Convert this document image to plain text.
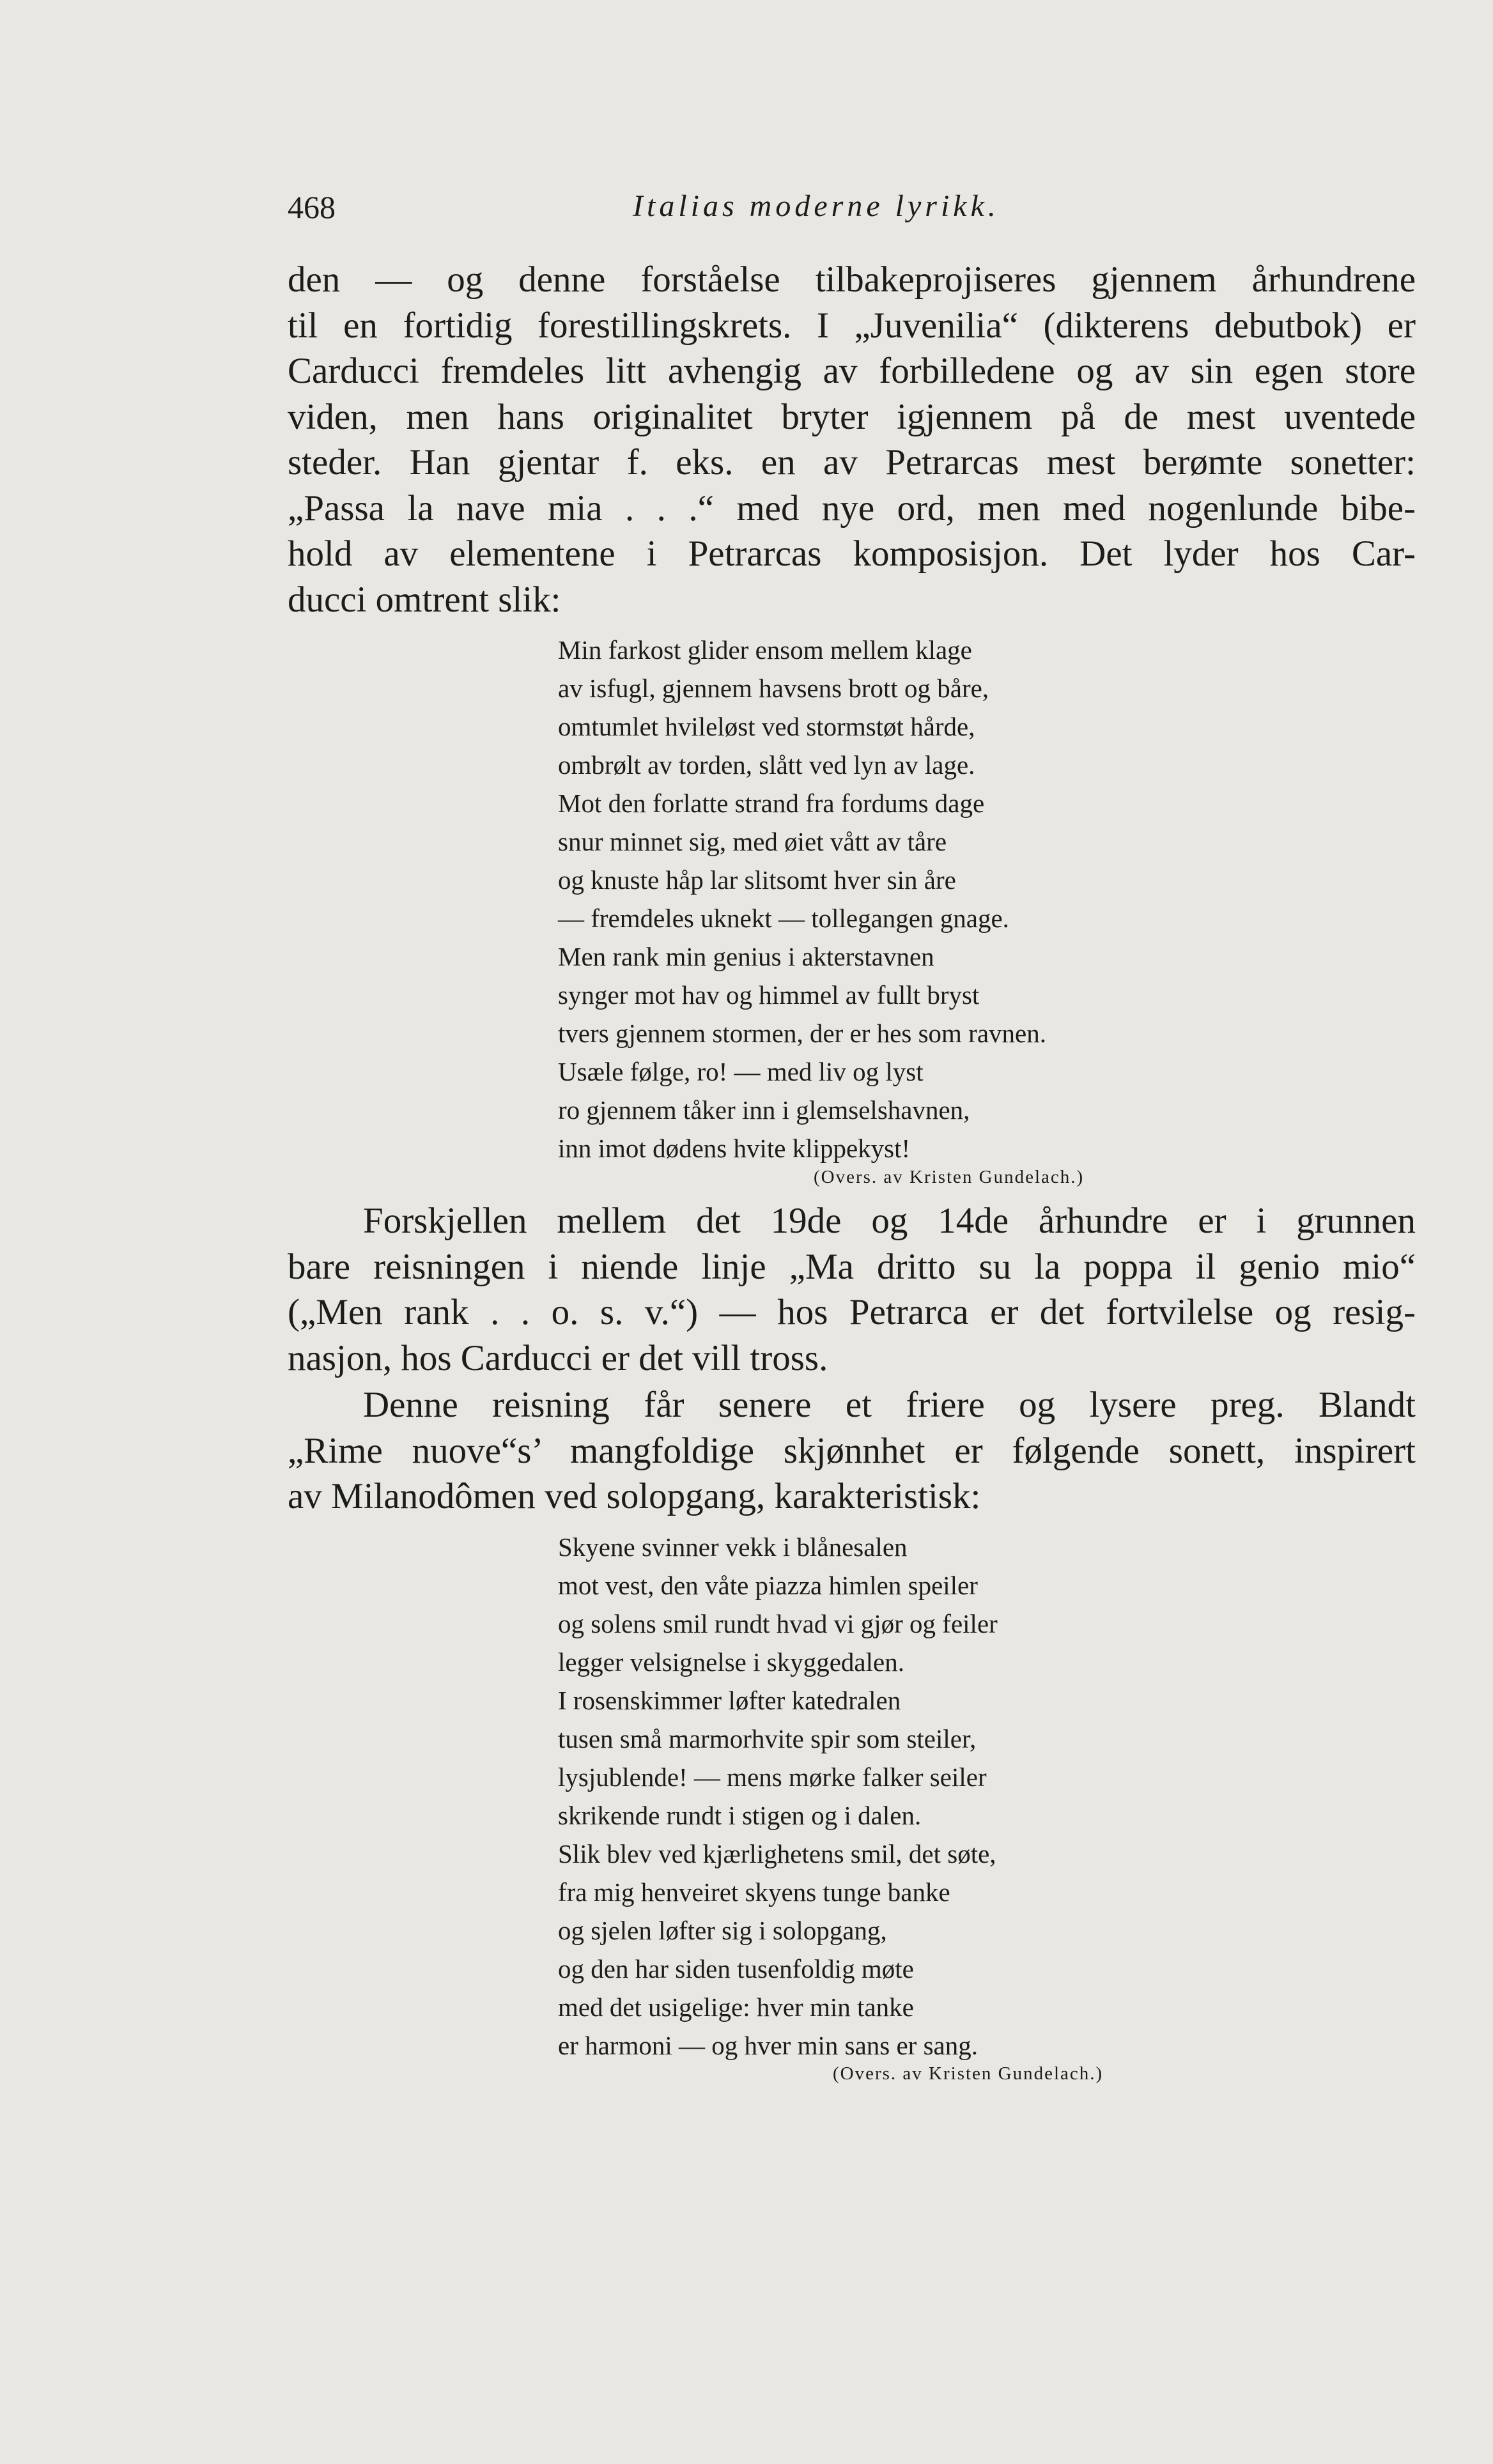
468	Italias moderne lyrikk.
den — og denne forståelse tilbakeprojiseres gjennem århundrene
til en fortidig forestillingskrets. I „Juvenilia“ (dikterens debutbok) er
Carducci fremdeles litt avhengig av forbilledene og av sin egen store
viden, men hans originalitet bryter igjennem på de mest uventede
steder. Han gjentar f. eks. en av Petrarcas mest berømte sonetter:
„Passa la nave mia . . .“ med nye ord, men med nogenlunde bibe-
hold av elementene i Petrarcas komposisjon. Det lyder hos Car-
ducci omtrent slik:
Min farkost glider ensom mellem klage
av isfugl, gjennem havsens brott og båre,
omtumlet hvileløst ved stormstøt hårde,
ombrølt av torden, slått ved lyn av lage.
Mot den forlatte strand fra fordums dage
snur minnet sig, med øiet vått av tåre
og knuste håp lar slitsomt hver sin åre
— fremdeles uknekt — tollegangen gnage.
Men rank min genius i akterstavnen
synger mot hav og himmel av fullt bryst
tvers gjennem stormen, der er hes som ravnen.
Usæle følge, ro! — med liv og lyst
ro gjennem tåker inn i glemselshavnen,
inn imot dødens hvite klippekyst!
(Overs. av Kristen Gundelach.)
Forskjellen mellem det 19de og 14de århundre er i grunnen
bare reisningen i niende linje „Ma dritto su la poppa il genio mio“
(„Men rank . . o. s. v.“) — hos Petrarca er det fortvilelse og resig-
nasjon, hos Carducci er det vill tross.
Denne reisning får senere et friere og lysere preg. Blandt
„Rime nuove“s’ mangfoldige skjønnhet er følgende sonett, inspirert
av Milanodômen ved solopgang, karakteristisk:
Skyene svinner vekk i blånesalen
mot vest, den våte piazza himlen speiler
og solens smil rundt hvad vi gjør og feiler
legger velsignelse i skyggedalen.
I rosenskimmer løfter katedralen
tusen små marmorhvite spir som steiler,
lysjublende! — mens mørke falker seiler
skrikende rundt i stigen og i dalen.
Slik blev ved kjærlighetens smil, det søte,
fra mig henveiret skyens tunge banke
og sjelen løfter sig i solopgang,
og den har siden tusenfoldig møte
med det usigelige: hver min tanke
er harmoni — og hver min sans er sang.
(Overs. av Kristen Gundelach.)
